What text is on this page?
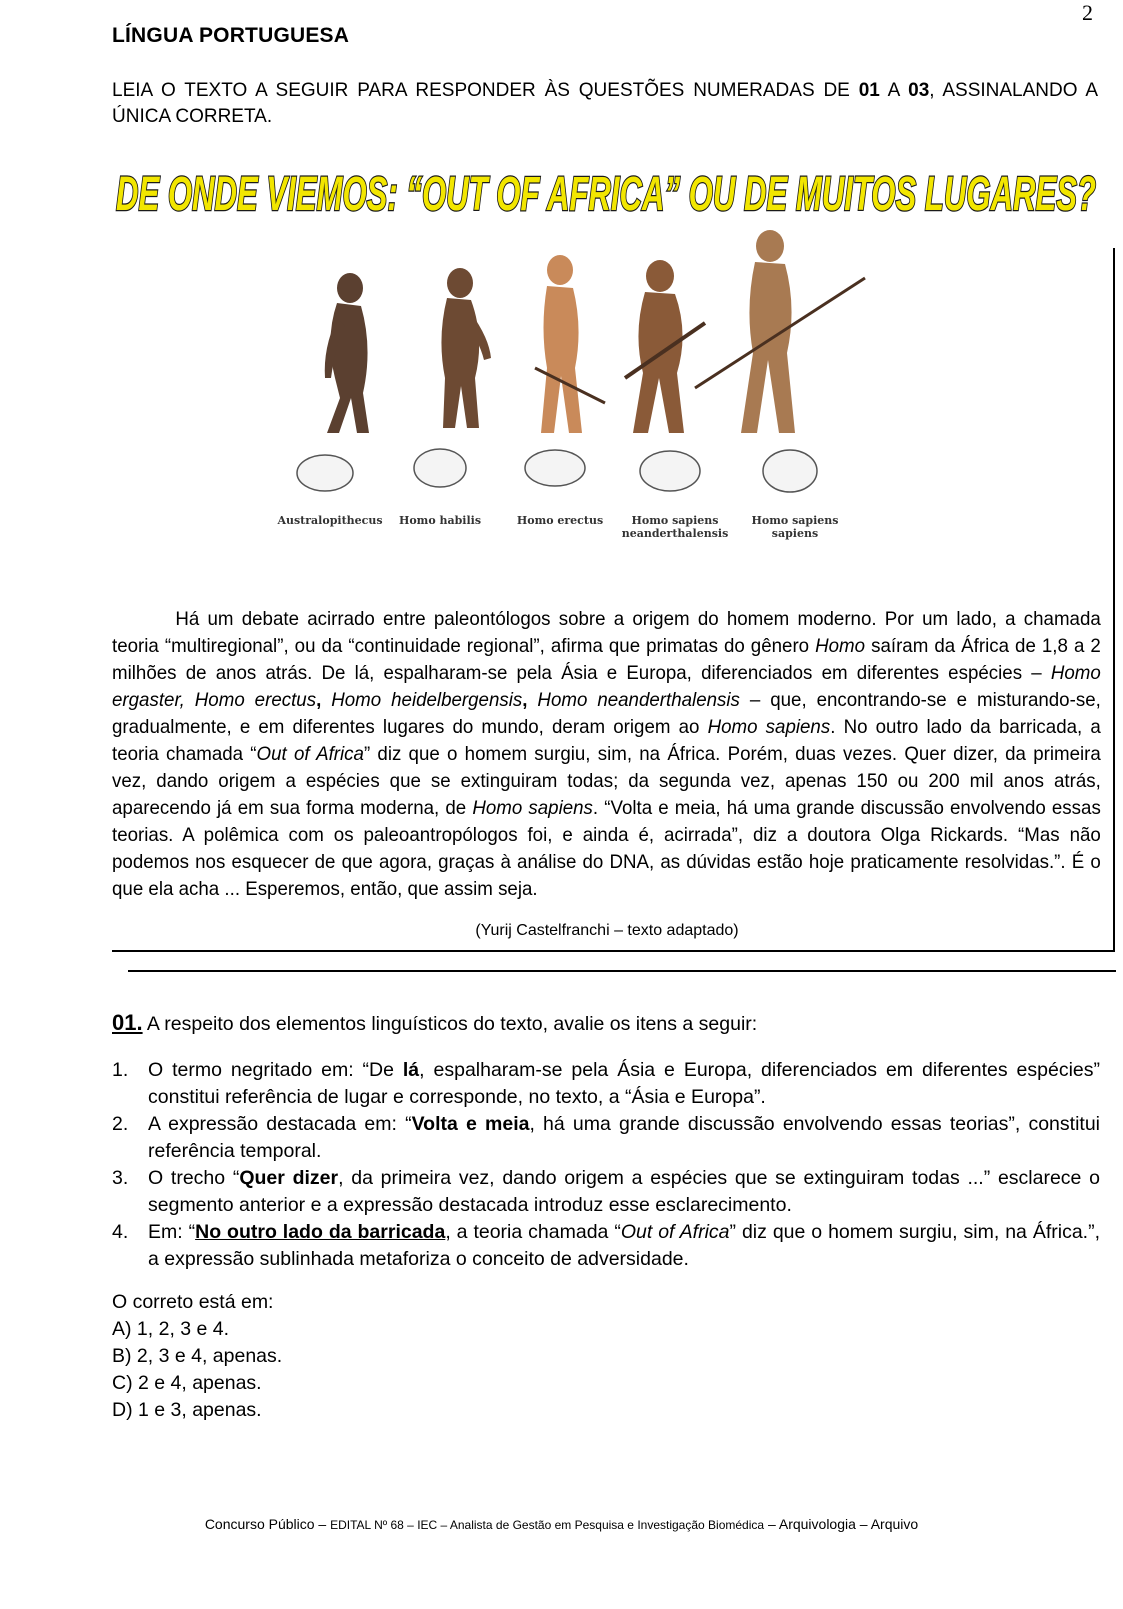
2
LÍNGUA PORTUGUESA
LEIA O TEXTO A SEGUIR PARA RESPONDER ÀS QUESTÕES NUMERADAS DE 01 A 03, ASSINALANDO A ÚNICA CORRETA.
DE ONDE VIEMOS: “OUT OF AFRICA” OU DE MUITOS LUGARES?
Australopithecus	Homo habilis	Homo erectus	Homo sapiens
neanderthalensis
Homo sapiens
sapiens

Há um debate acirrado entre paleontólogos sobre a origem do homem moderno. Por um lado, a chamada teoria “multiregional”, ou da “continuidade regional”, afirma que primatas do gênero Homo saíram da África de 1,8 a 2 milhões de anos atrás. De lá, espalharam-se pela Ásia e Europa, diferenciados em diferentes espécies – Homo ergaster, Homo erectus, Homo heidelbergensis, Homo neanderthalensis – que, encontrando-se e misturando-se, gradualmente, e em diferentes lugares do mundo, deram origem ao Homo sapiens. No outro lado da barricada, a teoria chamada “Out of Africa” diz que o homem surgiu, sim, na África. Porém, duas vezes. Quer dizer, da primeira vez, dando origem a espécies que se extinguiram todas; da segunda vez, apenas 150 ou 200 mil anos atrás, aparecendo já em sua forma moderna, de Homo sapiens. “Volta e meia, há uma grande discussão envolvendo essas teorias. A polêmica com os paleoantropólogos foi, e ainda é, acirrada”, diz a doutora Olga Rickards. “Mas não podemos nos esquecer de que agora, graças à análise do DNA, as dúvidas estão hoje praticamente resolvidas.”. É o que ela acha ... Esperemos, então, que assim seja.

(Yurij Castelfranchi – texto adaptado)
01. A respeito dos elementos linguísticos do texto, avalie os itens a seguir:
1. O termo negritado em: “De lá, espalharam-se pela Ásia e Europa, diferenciados em diferentes espécies” constitui referência de lugar e corresponde, no texto, a “Ásia e Europa”.
2. A expressão destacada em: “Volta e meia, há uma grande discussão envolvendo essas teorias”, constitui referência temporal.
3. O trecho “Quer dizer, da primeira vez, dando origem a espécies que se extinguiram todas ...” esclarece o segmento anterior e a expressão destacada introduz esse esclarecimento.
4. Em: “No outro lado da barricada, a teoria chamada “Out of Africa” diz que o homem surgiu, sim, na África.”, a expressão sublinhada metaforiza o conceito de adversidade.
O correto está em:
A) 1, 2, 3 e 4.
B) 2, 3 e 4, apenas.
C) 2 e 4, apenas.
D) 1 e 3, apenas.
Concurso Público – EDITAL Nº 68 – IEC – Analista de Gestão em Pesquisa e Investigação Biomédica – Arquivologia – Arquivo
